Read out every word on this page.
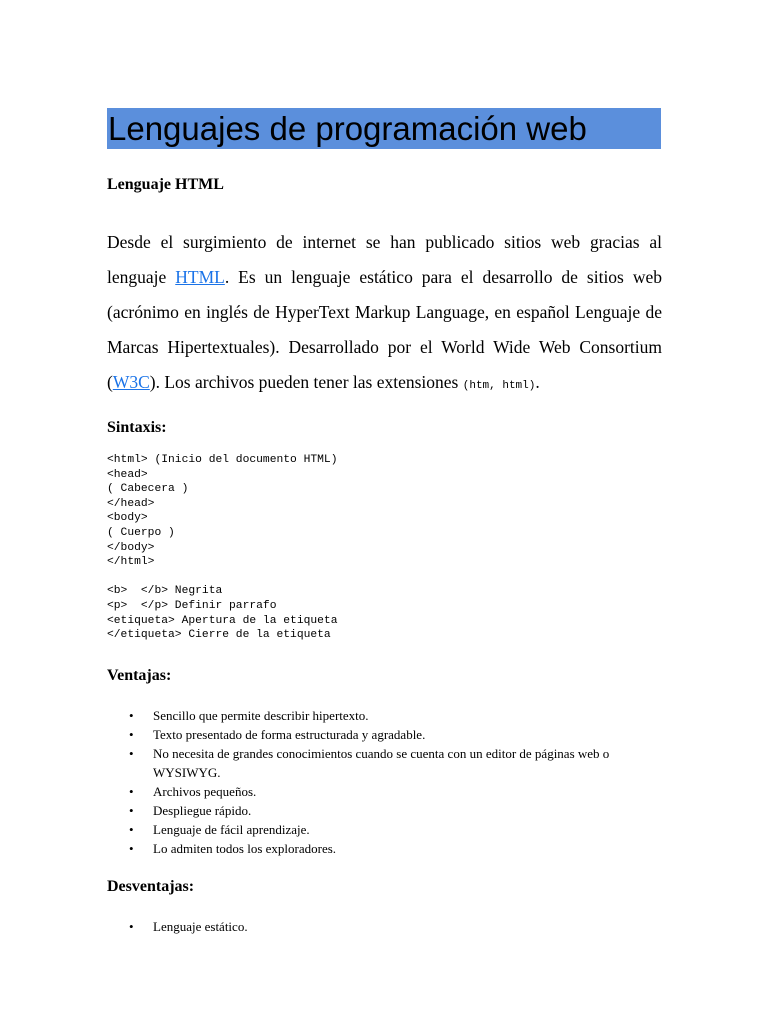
Lenguajes de programación web

Lenguaje HTML

Desde el surgimiento de internet se han publicado sitios web gracias al lenguaje HTML. Es un lenguaje estático para el desarrollo de sitios web (acrónimo en inglés de HyperText Markup Language, en español Lenguaje de Marcas Hipertextuales). Desarrollado por el World Wide Web Consortium (W3C). Los archivos pueden tener las extensiones (htm, html).

Sintaxis:

<html> (Inicio del documento HTML)
<head>
( Cabecera )
</head>
<body>
( Cuerpo )
</body>
</html>
<b>  </b> Negrita
<p>  </p> Definir parrafo
<etiqueta> Apertura de la etiqueta
</etiqueta> Cierre de la etiqueta

Ventajas:

• Sencillo que permite describir hipertexto.
• Texto presentado de forma estructurada y agradable.
• No necesita de grandes conocimientos cuando se cuenta con un editor de páginas web o WYSIWYG.
• Archivos pequeños.
• Despliegue rápido.
• Lenguaje de fácil aprendizaje.
• Lo admiten todos los exploradores.

Desventajas:

• Lenguaje estático.
